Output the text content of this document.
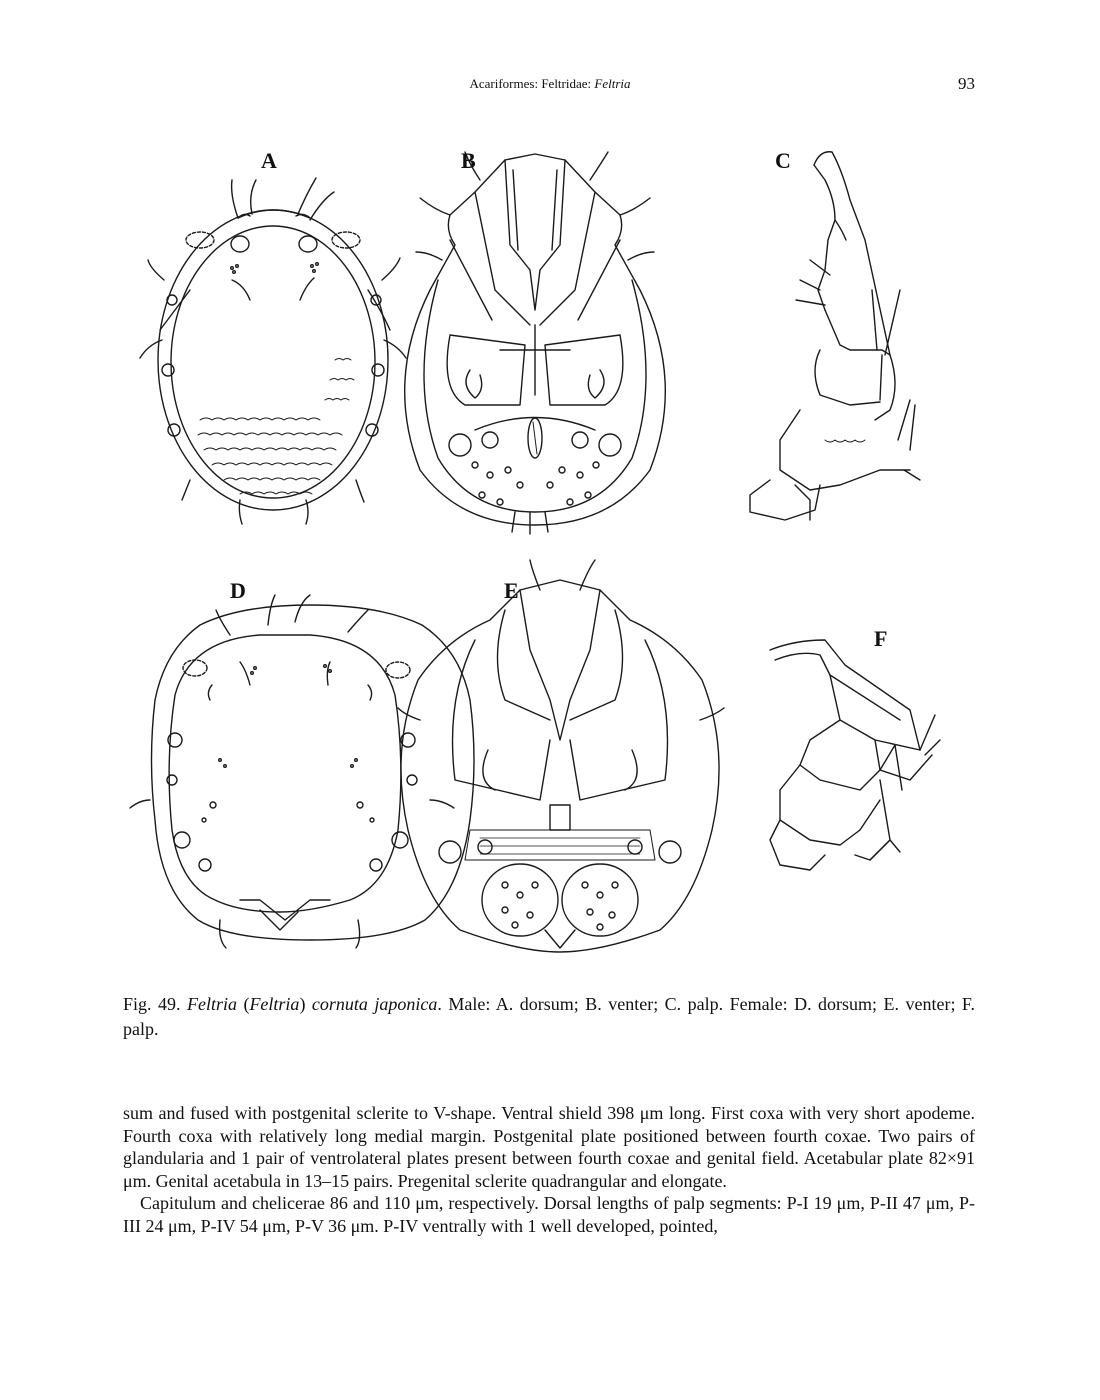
Acariformes: Feltridae: Feltria	93
A	B	C
D	E
F
Fig. 49. Feltria (Feltria) cornuta japonica. Male: A. dorsum; B. venter; C. palp. Female: D. dorsum; E. venter; F. palp.

sum and fused with postgenital sclerite to V-shape. Ventral shield 398 μm long. First coxa with very short apodeme. Fourth coxa with relatively long medial margin. Postgenital plate positioned between fourth coxae. Two pairs of glandularia and 1 pair of ventrolateral plates present between fourth coxae and genital field. Acetabular plate 82×91 μm. Genital acetabula in 13–15 pairs. Pregenital sclerite quadrangular and elongate.

Capitulum and chelicerae 86 and 110 μm, respectively. Dorsal lengths of palp segments: P-I 19 μm, P-II 47 μm, P-III 24 μm, P-IV 54 μm, P-V 36 μm. P-IV ventrally with 1 well developed, pointed,
